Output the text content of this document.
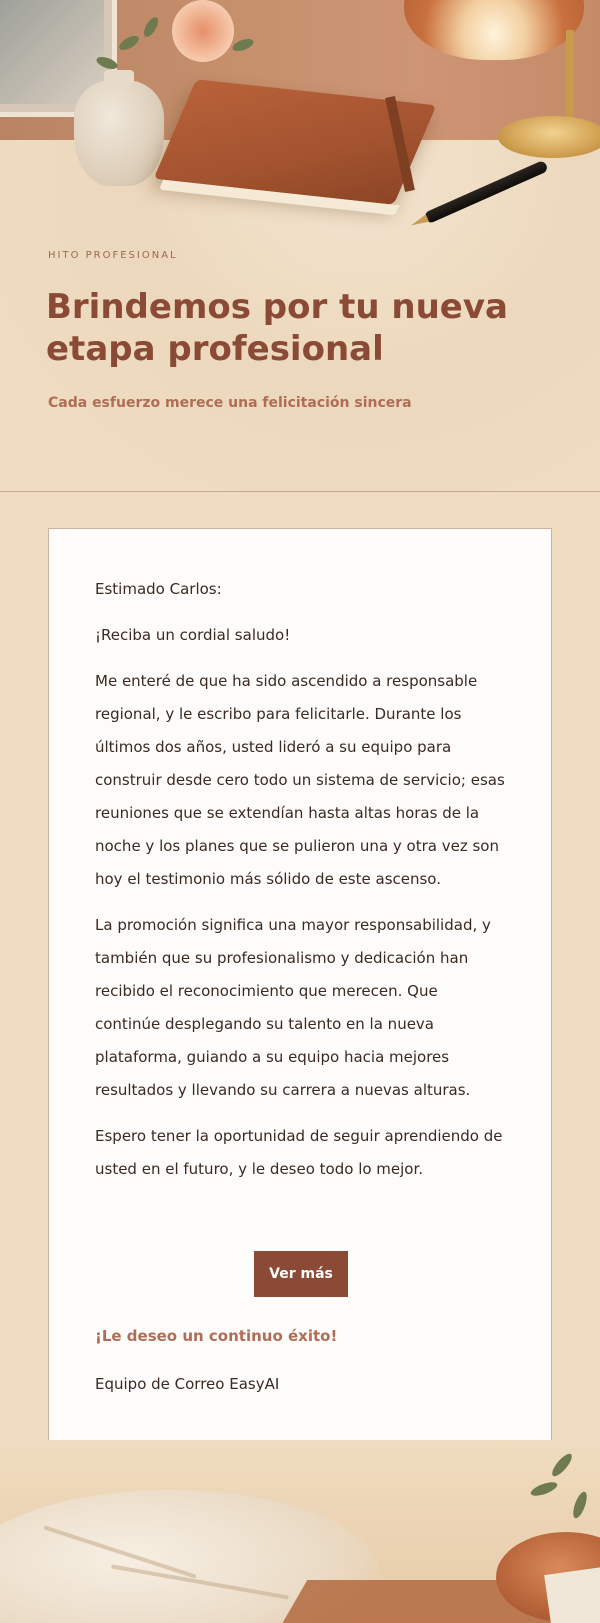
HITO PROFESIONAL
Brindemos por tu nueva etapa profesional
Cada esfuerzo merece una felicitación sincera

Estimado Carlos:

¡Reciba un cordial saludo!

Me enteré de que ha sido ascendido a responsable regional, y le escribo para felicitarle. Durante los últimos dos años, usted lideró a su equipo para construir desde cero todo un sistema de servicio; esas reuniones que se extendían hasta altas horas de la noche y los planes que se pulieron una y otra vez son hoy el testimonio más sólido de este ascenso.

La promoción significa una mayor responsabilidad, y también que su profesionalismo y dedicación han recibido el reconocimiento que merecen. Que continúe desplegando su talento en la nueva plataforma, guiando a su equipo hacia mejores resultados y llevando su carrera a nuevas alturas.

Espero tener la oportunidad de seguir aprendiendo de usted en el futuro, y le deseo todo lo mejor.

Ver más
¡Le deseo un continuo éxito!
Equipo de Correo EasyAI
